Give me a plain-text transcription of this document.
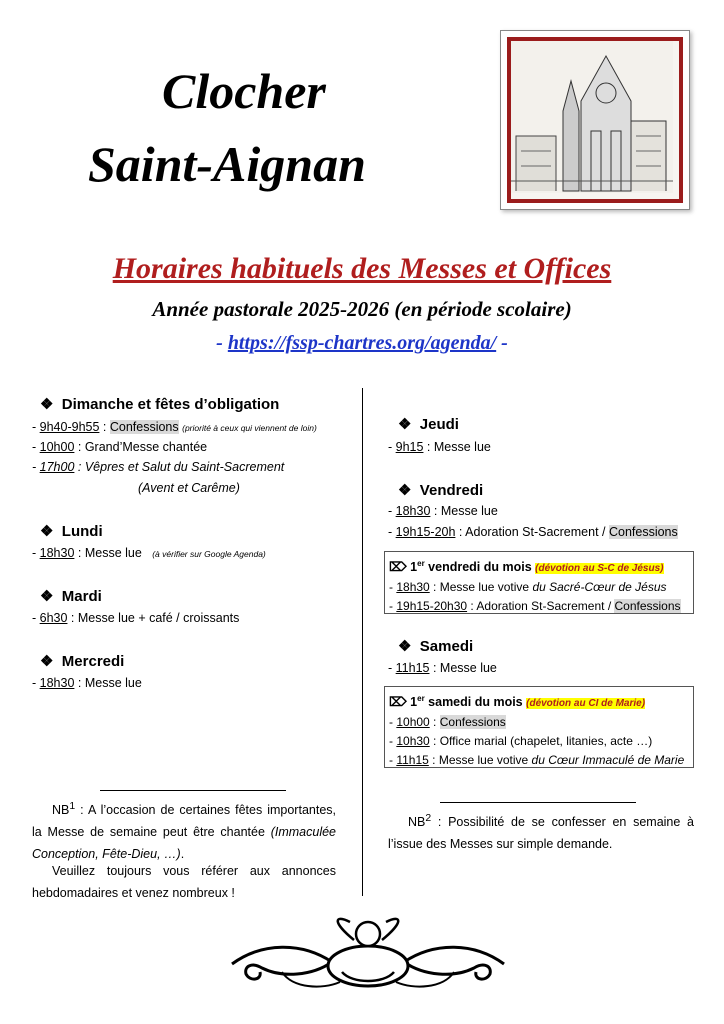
Clocher
Saint-Aignan
Horaires habituels des Messes et Offices
Année pastorale 2025-2026 (en période scolaire)
- https://fssp-chartres.org/agenda/ -
❖ Dimanche et fêtes d’obligation
- 9h40-9h55 : Confessions (priorité à ceux qui viennent de loin)
- 10h00 : Grand’Messe chantée
- 17h00 : Vêpres et Salut du Saint-Sacrement
(Avent et Carême)
❖ Lundi
- 18h30 : Messe lue (à vérifier sur Google Agenda)
❖ Mardi
- 6h30 : Messe lue + café / croissants
❖ Mercredi
- 18h30 : Messe lue
$NB^1$ : A l’occasion de certaines fêtes importantes, la Messe de semaine peut être chantée (Immaculée Conception, Fête-Dieu, …).
Veuillez toujours vous référer aux annonces hebdomadaires et venez nombreux !
❖ Jeudi
- 9h15 : Messe lue
❖ Vendredi
- 18h30 : Messe lue
- 19h15-20h : Adoration St-Sacrement / Confessions
⌦ 1er vendredi du mois (dévotion au S-C de Jésus)
- 18h30 : Messe lue votive du Sacré-Cœur de Jésus
- 19h15-20h30 : Adoration St-Sacrement / Confessions
❖ Samedi
- 11h15 : Messe lue
⌦ 1er samedi du mois (dévotion au CI de Marie)
- 10h00 : Confessions
- 10h30 : Office marial (chapelet, litanies, acte …)
- 11h15 : Messe lue votive du Cœur Immaculé de Marie
$NB^2$ : Possibilité de se confesser en semaine à l’issue des Messes sur simple demande.
